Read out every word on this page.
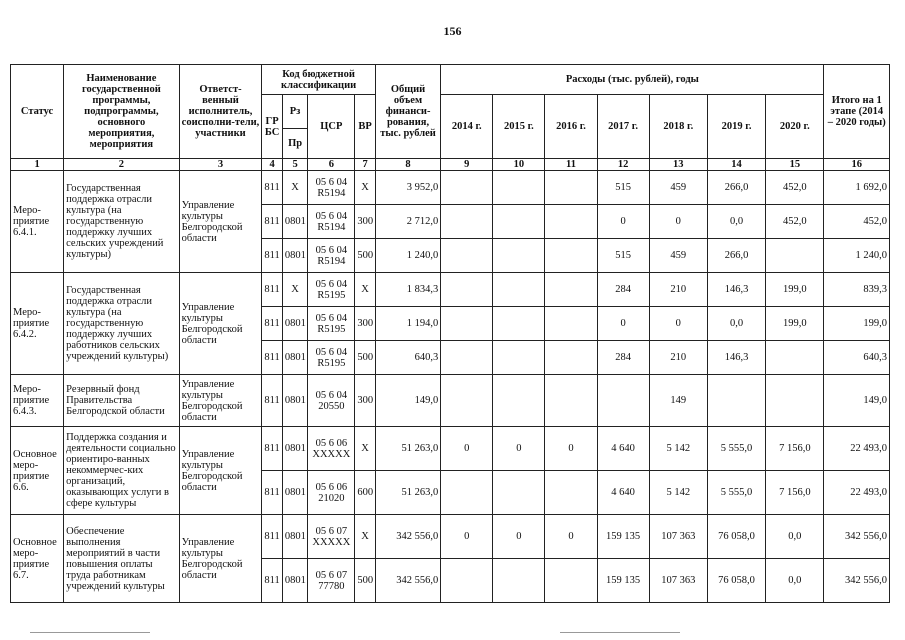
156
Статус	Наименование государственной программы, подпрограммы, основного мероприятия, мероприятия	Ответст-венный исполнитель, соисполни-тели, участники	Код бюджетной классификации				Общий объем финанси-рования, тыс. рублей	Расходы (тыс. рублей), годы							Итого на 1 этапе (2014 – 2020 годы)
			ГР БС	Рз	ЦСР	ВР		2014 г.	2015 г.	2016 г.	2017 г.	2018 г.	2019 г.	2020 г.	
				Пр											
1	2	3	4	5	6	7	8	9	10	11	12	13	14	15	16
Меро-приятие 6.4.1.	Государственная поддержка отрасли культура (на государственную поддержку лучших сельских учреждений культуры)	Управление культуры Белгородской области	811	Х	05 6 04 R5194	Х	3 952,0				515	459	266,0	452,0	1 692,0
			811	0801	05 6 04 R5194	300	2 712,0				0	0	0,0	452,0	452,0
			811	0801	05 6 04 R5194	500	1 240,0				515	459	266,0		1 240,0
Меро-приятие 6.4.2.	Государственная поддержка отрасли культура (на государственную поддержку лучших работников сельских учреждений культуры)	Управление культуры Белгородской области	811	Х	05 6 04 R5195	Х	1 834,3				284	210	146,3	199,0	839,3
			811	0801	05 6 04 R5195	300	1 194,0				0	0	0,0	199,0	199,0
			811	0801	05 6 04 R5195	500	640,3				284	210	146,3		640,3
Меро-приятие 6.4.3.	Резервный фонд Правительства Белгородской области	Управление культуры Белгородской области	811	0801	05 6 04 20550	300	149,0					149			149,0
Основное меро-приятие 6.6.	Поддержка создания и деятельности социально ориентиро-ванных некоммерчес-ких организаций, оказывающих услуги в сфере культуры	Управление культуры Белгородской области	811	0801	05 6 06 ХХХХХ	Х	51 263,0	0	0	0	4 640	5 142	5 555,0	7 156,0	22 493,0
			811	0801	05 6 06 21020	600	51 263,0				4 640	5 142	5 555,0	7 156,0	22 493,0
Основное меро-приятие 6.7.	Обеспечение выполнения мероприятий в части повышения оплаты труда работникам учреждений культуры	Управление культуры Белгородской области	811	0801	05 6 07 ХХХХХ	Х	342 556,0	0	0	0	159 135	107 363	76 058,0	0,0	342 556,0
			811	0801	05 6 07 77780	500	342 556,0				159 135	107 363	76 058,0	0,0	342 556,0
